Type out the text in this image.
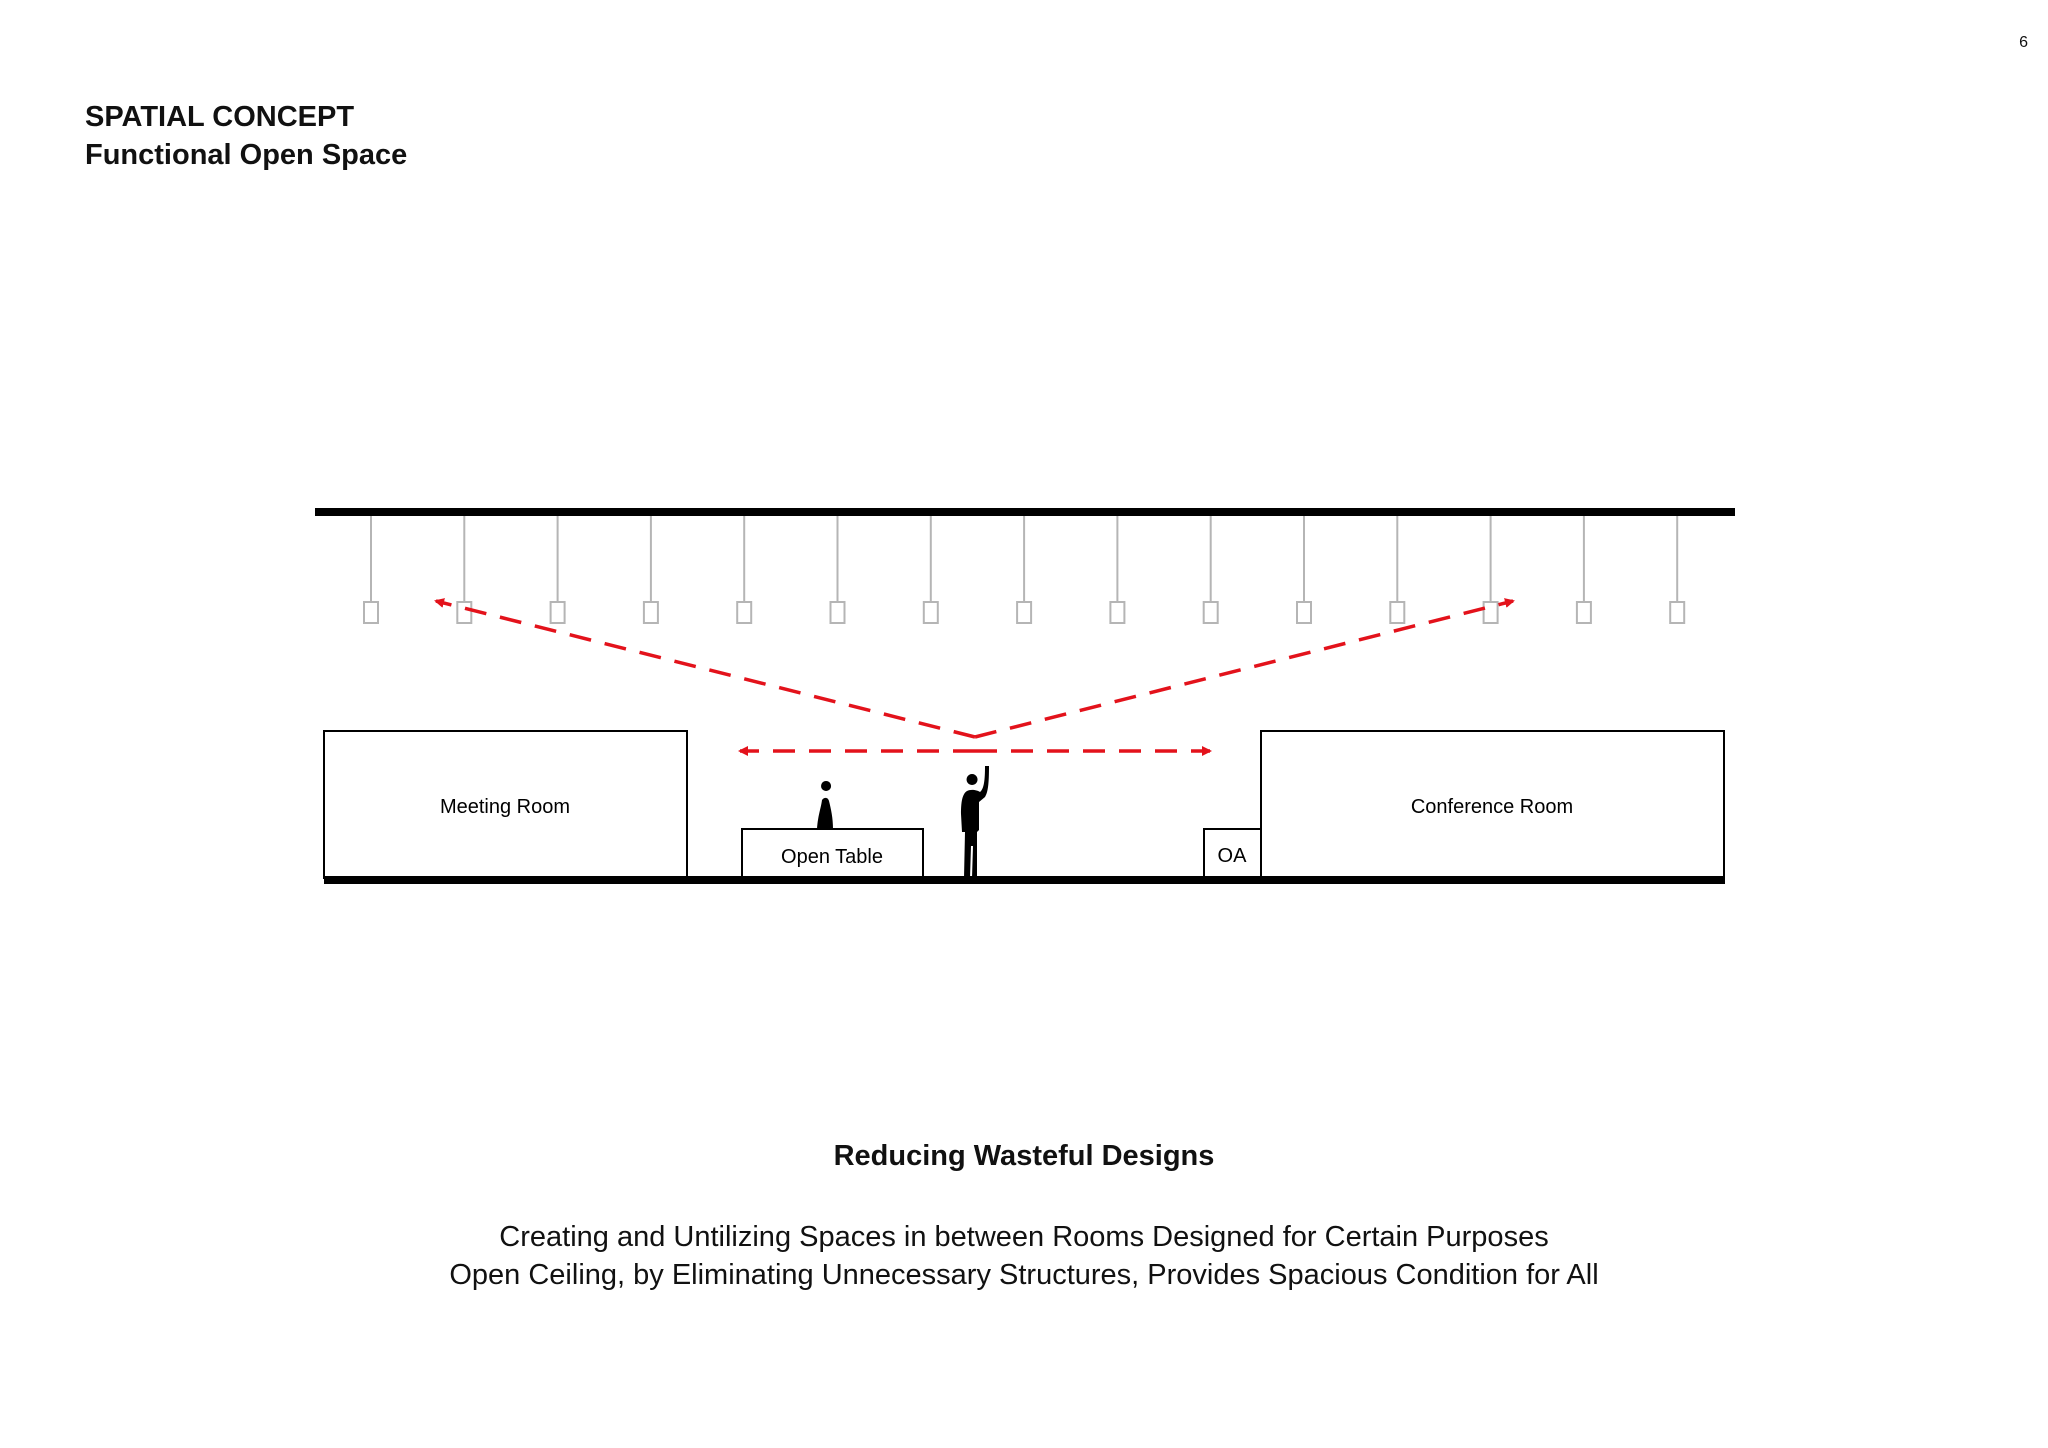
6
SPATIAL CONCEPT
Functional Open Space
Meeting Room	Conference Room
Open Table	OA
Reducing Wasteful Designs
Creating and Untilizing Spaces in between Rooms Designed for Certain Purposes
Open Ceiling, by Eliminating Unnecessary Structures, Provides Spacious Condition for All
